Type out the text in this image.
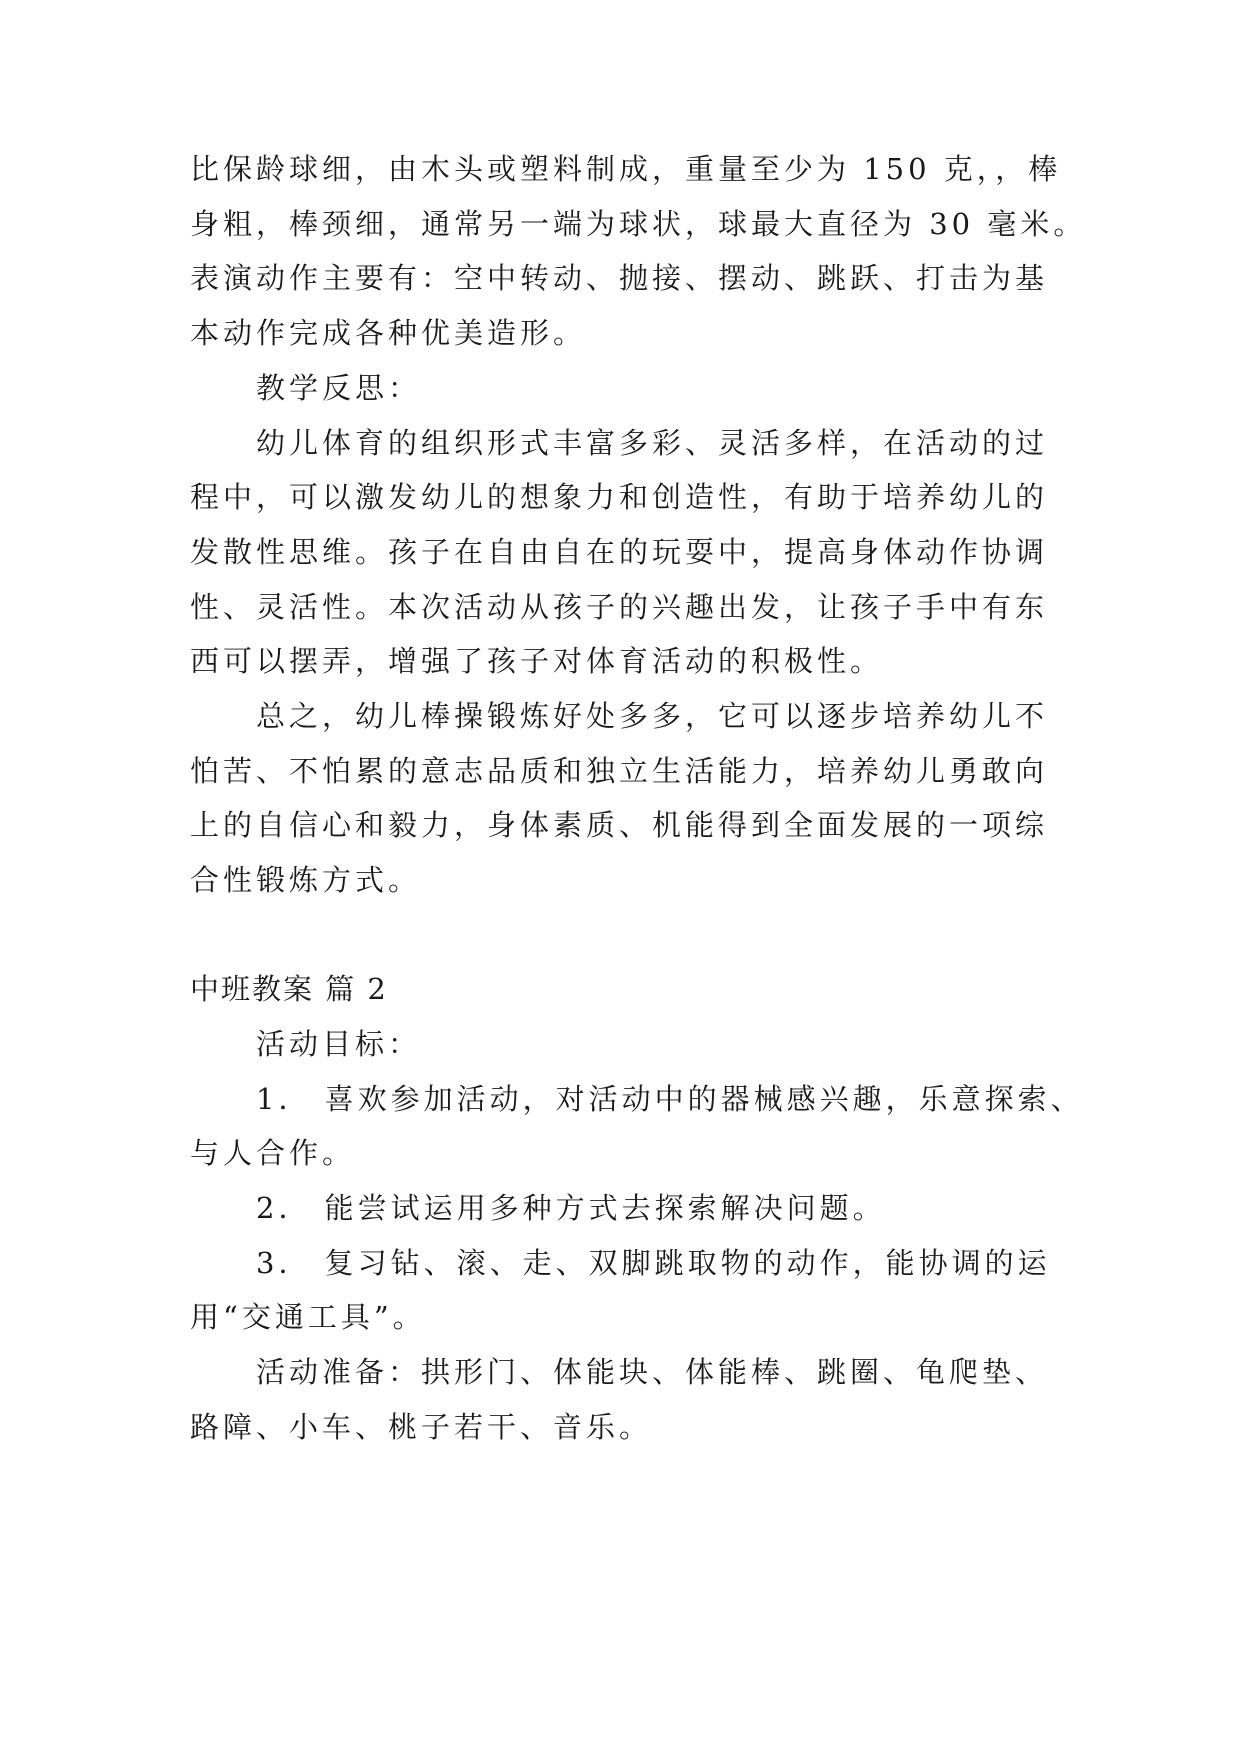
比保龄球细，由木头或塑料制成，重量至少为 150 克，，棒
身粗，棒颈细，通常另一端为球状，球最大直径为 30 毫米。
表演动作主要有：空中转动、抛接、摆动、跳跃、打击为基
本动作完成各种优美造形。
教学反思：
幼儿体育的组织形式丰富多彩、灵活多样，在活动的过
程中，可以激发幼儿的想象力和创造性，有助于培养幼儿的
发散性思维。孩子在自由自在的玩耍中，提高身体动作协调
性、灵活性。本次活动从孩子的兴趣出发，让孩子手中有东
西可以摆弄，增强了孩子对体育活动的积极性。
总之，幼儿棒操锻炼好处多多，它可以逐步培养幼儿不
怕苦、不怕累的意志品质和独立生活能力，培养幼儿勇敢向
上的自信心和毅力，身体素质、机能得到全面发展的一项综
合性锻炼方式。
中班教案 篇 2
活动目标：
1． 喜欢参加活动，对活动中的器械感兴趣，乐意探索、
与人合作。
2． 能尝试运用多种方式去探索解决问题。
3． 复习钻、滚、走、双脚跳取物的动作，能协调的运
用“交通工具”。
活动准备：拱形门、体能块、体能棒、跳圈、龟爬垫、
路障、小车、桃子若干、音乐。
